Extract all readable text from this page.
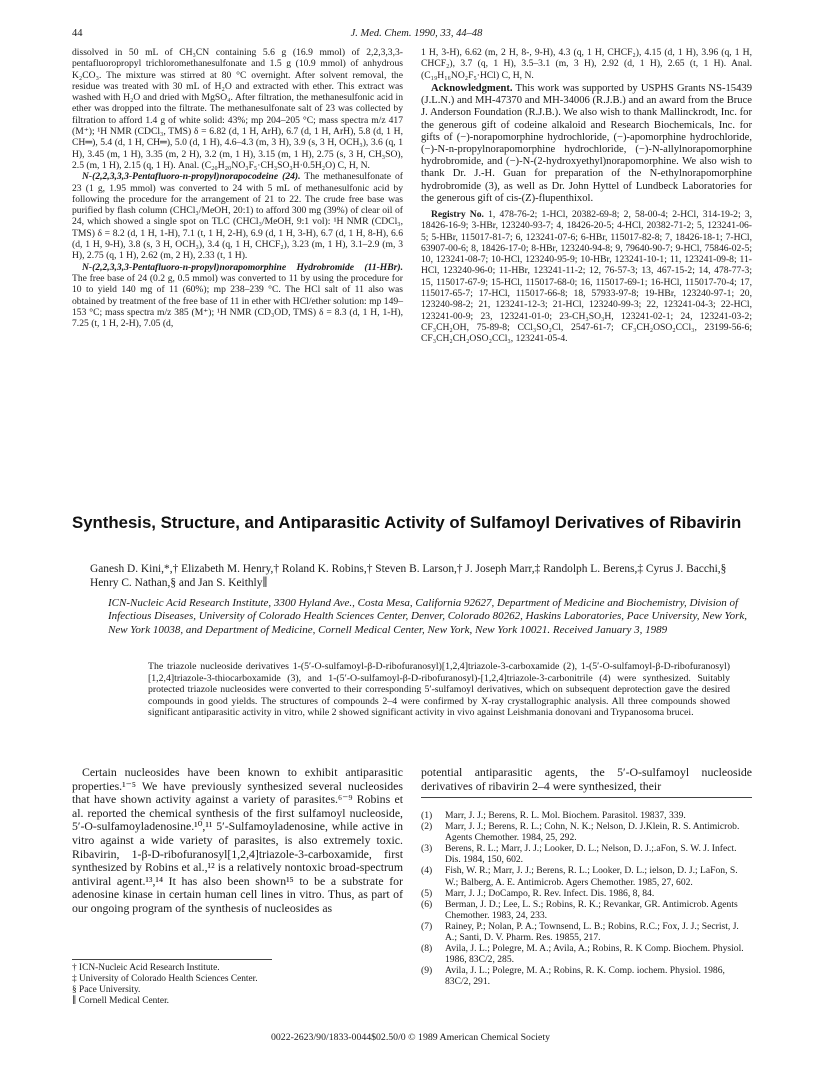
44	J. Med. Chem. 1990, 33, 44–48

dissolved in 50 mL of CH₃CN containing 5.6 g (16.9 mmol) of 2,2,3,3,3-pentafluoropropyl trichloromethanesulfonate and 1.5 g (10.9 mmol) of anhydrous K₂CO₃. The mixture was stirred at 80 °C overnight. After solvent removal, the residue was treated with 30 mL of H₂O and extracted with ether. This extract was washed with H₂O and dried with MgSO₄. After filtration, the methanesulfonic acid in ether was dropped into the filtrate. The methanesulfonate salt of 23 was collected by filtration to afford 1.4 g of white solid: 43%; mp 204–205 °C; mass spectra m/z 417 (M⁺); ¹H NMR (CDCl₃, TMS) δ = 6.82 (d, 1 H, ArH), 6.7 (d, 1 H, ArH), 5.8 (d, 1 H, CH═), 5.4 (d, 1 H, CH═), 5.0 (d, 1 H), 4.6–4.3 (m, 3 H), 3.9 (s, 3 H, OCH₃), 3.6 (q, 1 H), 3.45 (m, 1 H), 3.35 (m, 2 H), 3.2 (m, 1 H), 3.15 (m, 1 H), 2.75 (s, 3 H, CH₃SO), 2.5 (m, 1 H), 2.15 (q, 1 H). Anal. (C₂₀H₂₀NO₃F₅·CH₃SO₃H·0.5H₂O) C, H, N.

N-(2,2,3,3,3-Pentafluoro-n-propyl)norapocodeine (24). The methanesulfonate of 23 (1 g, 1.95 mmol) was converted to 24 with 5 mL of methanesulfonic acid by following the procedure for the arrangement of 21 to 22. The crude free base was purified by flash column (CHCl₃/MeOH, 20:1) to afford 300 mg (39%) of clear oil of 24, which showed a single spot on TLC (CHCl₃/MeOH, 9:1 vol): ¹H NMR (CDCl₃, TMS) δ = 8.2 (d, 1 H, 1-H), 7.1 (t, 1 H, 2-H), 6.9 (d, 1 H, 3-H), 6.7 (d, 1 H, 8-H), 6.6 (d, 1 H, 9-H), 3.8 (s, 3 H, OCH₃), 3.4 (q, 1 H, CHCF₂), 3.23 (m, 1 H), 3.1–2.9 (m, 3 H), 2.75 (q, 1 H), 2.62 (m, 2 H), 2.33 (t, 1 H).

N-(2,2,3,3,3-Pentafluoro-n-propyl)norapomorphine Hydrobromide (11-HBr). The free base of 24 (0.2 g, 0.5 mmol) was converted to 11 by using the procedure for 10 to yield 140 mg of 11 (60%); mp 238–239 °C. The HCl salt of 11 also was obtained by treatment of the free base of 11 in ether with HCl/ether solution: mp 149–153 °C; mass spectra m/z 385 (M⁺); ¹H NMR (CD₃OD, TMS) δ = 8.3 (d, 1 H, 1-H), 7.25 (t, 1 H, 2-H), 7.05 (d,

1 H, 3-H), 6.62 (m, 2 H, 8-, 9-H), 4.3 (q, 1 H, CHCF₂), 4.15 (d, 1 H), 3.96 (q, 1 H, CHCF₂), 3.7 (q, 1 H), 3.5–3.1 (m, 3 H), 2.92 (d, 1 H), 2.65 (t, 1 H). Anal. (C₁₉H₁₆NO₂F₅·HCl) C, H, N.

Acknowledgment. This work was supported by USPHS Grants NS-15439 (J.L.N.) and MH-47370 and MH-34006 (R.J.B.) and an award from the Bruce J. Anderson Foundation (R.J.B.). We also wish to thank Mallinckrodt, Inc. for the generous gift of codeine alkaloid and Research Biochemicals, Inc. for gifts of (−)-norapomorphine hydrochloride, (−)-apomorphine hydrochloride, (−)-N-n-propylnorapomorphine hydrochloride, (−)-N-allylnorapomorphine hydrobromide, and (−)-N-(2-hydroxyethyl)norapomorphine. We also wish to thank Dr. J.-H. Guan for preparation of the N-ethylnorapomorphine hydrobromide (3), as well as Dr. John Hyttel of Lundbeck Laboratories for the generous gift of cis-(Z)-flupenthixol.

Registry No. 1, 478-76-2; 1-HCl, 20382-69-8; 2, 58-00-4; 2-HCl, 314-19-2; 3, 18426-16-9; 3-HBr, 123240-93-7; 4, 18426-20-5; 4-HCl, 20382-71-2; 5, 123241-06-5; 5-HBr, 115017-81-7; 6, 123241-07-6; 6-HBr, 115017-82-8; 7, 18426-18-1; 7-HCl, 63907-00-6; 8, 18426-17-0; 8-HBr, 123240-94-8; 9, 79640-90-7; 9-HCl, 75846-02-5; 10, 123241-08-7; 10-HCl, 123240-95-9; 10-HBr, 123241-10-1; 11, 123241-09-8; 11-HCl, 123240-96-0; 11-HBr, 123241-11-2; 12, 76-57-3; 13, 467-15-2; 14, 478-77-3; 15, 115017-67-9; 15-HCl, 115017-68-0; 16, 115017-69-1; 16-HCl, 115017-70-4; 17, 115017-65-7; 17-HCl, 115017-66-8; 18, 57933-97-8; 19-HBr, 123240-97-1; 20, 123240-98-2; 21, 123241-12-3; 21-HCl, 123240-99-3; 22, 123241-04-3; 22-HCl, 123241-00-9; 23, 123241-01-0; 23-CH₃SO₃H, 123241-02-1; 24, 123241-03-2; CF₃CH₂OH, 75-89-8; CCl₃SO₂Cl, 2547-61-7; CF₃CH₂OSO₂CCl₃, 23199-56-6; CF₃CH₂CH₂OSO₂CCl₃, 123241-05-4.

Synthesis, Structure, and Antiparasitic Activity of Sulfamoyl Derivatives of Ribavirin
Ganesh D. Kini,*,† Elizabeth M. Henry,† Roland K. Robins,† Steven B. Larson,† J. Joseph Marr,‡ Randolph L. Berens,‡ Cyrus J. Bacchi,§ Henry C. Nathan,§ and Jan S. Keithly∥
ICN-Nucleic Acid Research Institute, 3300 Hyland Ave., Costa Mesa, California 92627, Department of Medicine and Biochemistry, Division of Infectious Diseases, University of Colorado Health Sciences Center, Denver, Colorado 80262, Haskins Laboratories, Pace University, New York, New York 10038, and Department of Medicine, Cornell Medical Center, New York, New York 10021. Received January 3, 1989
The triazole nucleoside derivatives 1-(5′-O-sulfamoyl-β-D-ribofuranosyl)[1,2,4]triazole-3-carboxamide (2), 1-(5′-O-sulfamoyl-β-D-ribofuranosyl)[1,2,4]triazole-3-thiocarboxamide (3), and 1-(5′-O-sulfamoyl-β-D-ribofuranosyl)-[1,2,4]triazole-3-carbonitrile (4) were synthesized. Suitably protected triazole nucleosides were converted to their corresponding 5′-sulfamoyl derivatives, which on subsequent deprotection gave the desired compounds in good yields. The structures of compounds 2–4 were confirmed by X-ray crystallographic analysis. All three compounds showed significant antiparasitic activity in vitro, while 2 showed significant activity in vivo against Leishmania donovani and Trypanosoma brucei.

Certain nucleosides have been known to exhibit antiparasitic properties.¹⁻⁵ We have previously synthesized several nucleosides that have shown activity against a variety of parasites.⁶⁻⁹ Robins et al. reported the chemical synthesis of the first sulfamoyl nucleoside, 5′-O-sulfamoyladenosine.¹⁰,¹¹ 5′-Sulfamoyladenosine, while active in vitro against a wide variety of parasites, is also extremely toxic. Ribavirin, 1-β-D-ribofuranosyl[1,2,4]triazole-3-carboxamide, first synthesized by Robins et al.,¹² is a relatively nontoxic broad-spectrum antiviral agent.¹³,¹⁴ It has also been shown¹⁵ to be a substrate for adenosine kinase in certain human cell lines in vitro. Thus, as part of our ongoing program of the synthesis of nucleosides as

potential antiparasitic agents, the 5′-O-sulfamoyl nucleoside derivatives of ribavirin 2–4 were synthesized, their

(1)	Marr, J. J.; Berens, R. L. Mol. Biochem. Parasitol. 19837, 339.
(2)	Marr, J. J.; Berens, R. L.; Cohn, N. K.; Nelson, D. J.Klein, R. S. Antimicrob. Agents Chemother. 1984, 25, 292.
(3)	Berens, R. L.; Marr, J. J.; Looker, D. L.; Nelson, D. J.;.aFon, S. W. J. Infect. Dis. 1984, 150, 602.
(4)	Fish, W. R.; Marr, J. J.; Berens, R. L.; Looker, D. L.; ielson, D. J.; LaFon, S. W.; Balberg, A. E. Antimicrob. Agers Chemother. 1985, 27, 602.
(5)	Marr, J. J.; DoCampo, R. Rev. Infect. Dis. 1986, 8, 84.
(6)	Berman, J. D.; Lee, L. S.; Robins, R. K.; Revankar, GR. Antimicrob. Agents Chemother. 1983, 24, 233.
(7)	Rainey, P.; Nolan, P. A.; Townsend, L. B.; Robins, R.C.; Fox, J. J.; Secrist, J. A.; Santi, D. V. Pharm. Res. 19855, 217.
(8)	Avila, J. L.; Polegre, M. A.; Avila, A.; Robins, R. K Comp. Biochem. Physiol. 1986, 83C/2, 285.
(9)	Avila, J. L.; Polegre, M. A.; Robins, R. K. Comp. iochem. Physiol. 1986, 83C/2, 291.
† ICN-Nucleic Acid Research Institute.
‡ University of Colorado Health Sciences Center.
§ Pace University.
∥ Cornell Medical Center.
0022-2623/90/1833-0044$02.50/0 © 1989 American Chemical Society
